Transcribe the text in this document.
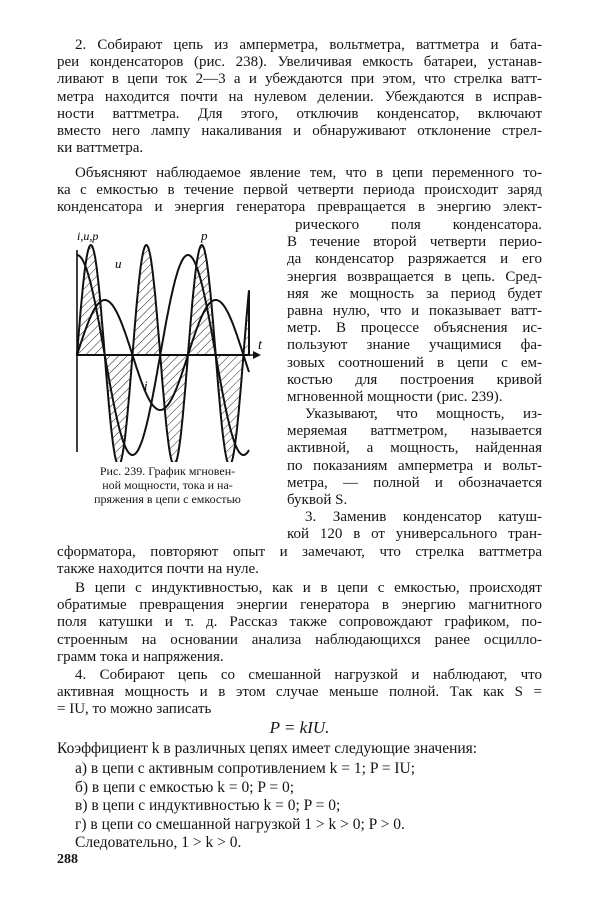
2. Собирают цепь из амперметра, вольтметра, ваттметра и бата-
реи конденсаторов (рис. 238). Увеличивая емкость батареи, устанав-
ливают в цепи ток 2—3 а и убеждаются при этом, что стрелка ватт-
метра находится почти на нулевом делении. Убеждаются в исправ-
ности ваттметра. Для этого, отключив конденсатор, включают
вместо него лампу накаливания и обнаруживают отклонение стрел-
ки ваттметра.
Объясняют наблюдаемое явление тем, что в цепи переменного то-
ка с емкостью в течение первой четверти периода происходит заряд
конденсатора и энергия генератора превращается в энергию элект-
i,u,p	p
u
i
t
Рис. 239. График мгновен-
ной мощности, тока и на-
пряжения в цепи с емкостью
рического поля конденсатора.
В течение второй четверти перио-
да конденсатор разряжается и его
энергия возвращается в цепь. Сред-
няя же мощность за период будет
равна нулю, что и показывает ватт-
метр. В процессе объяснения ис-
пользуют знание учащимися фа-
зовых соотношений в цепи с ем-
костью для построения кривой
мгновенной мощности (рис. 239).
Указывают, что мощность, из-
меряемая ваттметром, называется
активной, а мощность, найденная
по показаниям амперметра и вольт-
метра, — полной и обозначается
буквой S.
3. Заменив конденсатор катуш-
кой 120 в от универсального тран-
сформатора, повторяют опыт и замечают, что стрелка ваттметра
также находится почти на нуле.
В цепи с индуктивностью, как и в цепи с емкостью, происходят
обратимые превращения энергии генератора в энергию магнитного
поля катушки и т. д. Рассказ также сопровождают графиком, по-
строенным на основании анализа наблюдающихся ранее осцилло-
грамм тока и напряжения.
4. Собирают цепь со смешанной нагрузкой и наблюдают, что
активная мощность и в этом случае меньше полной. Так как S =
= IU, то можно записать
P = kIU.
Коэффициент k в различных цепях имеет следующие значения:
а) в цепи с активным сопротивлением k = 1; P = IU;
б) в цепи с емкостью k = 0; P = 0;
в) в цепи с индуктивностью k = 0; P = 0;
г) в цепи со смешанной нагрузкой 1 > k > 0; P > 0.
Следовательно, 1 > k > 0.
288
